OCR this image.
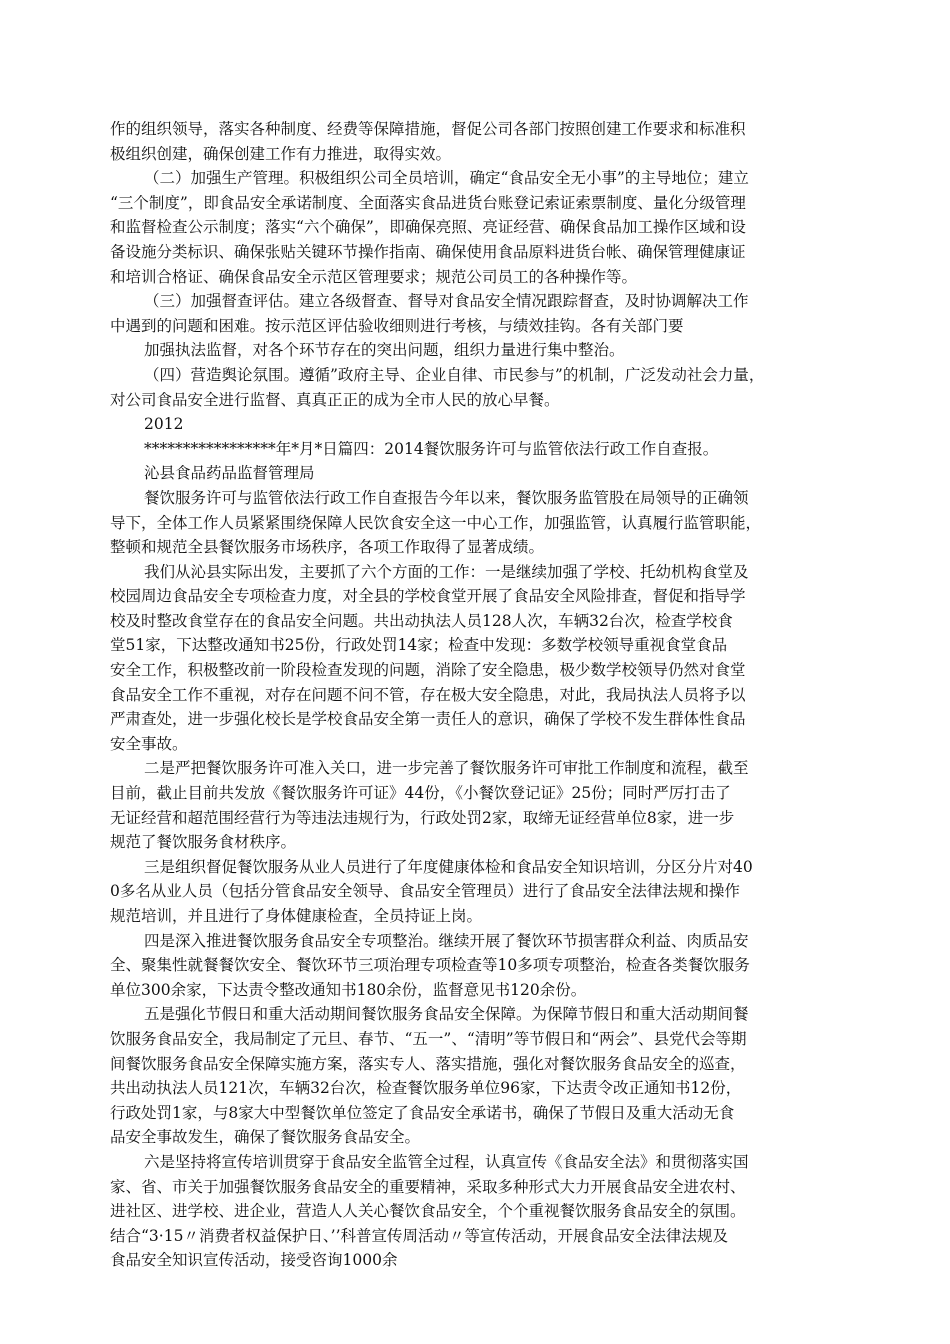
作的组织领导，落实各种制度、经费等保障措施，督促公司各部门按照创建工作要求和标准积
极组织创建，确保创建工作有力推进，取得实效。
（二）加强生产管理。积极组织公司全员培训，确定“食品安全无小事”的主导地位；建立
“三个制度”，即食品安全承诺制度、全面落实食品进货台账登记索证索票制度、量化分级管理
和监督检查公示制度；落实“六个确保”，即确保亮照、亮证经营、确保食品加工操作区域和设
备设施分类标识、确保张贴关键环节操作指南、确保使用食品原料进货台帐、确保管理健康证
和培训合格证、确保食品安全示范区管理要求；规范公司员工的各种操作等。
（三）加强督查评估。建立各级督查、督导对食品安全情况跟踪督查，及时协调解决工作
中遇到的问题和困难。按示范区评估验收细则进行考核，与绩效挂钩。各有关部门要
加强执法监督，对各个环节存在的突出问题，组织力量进行集中整治。
（四）营造舆论氛围。遵循”政府主导、企业自律、市民参与”的机制，广泛发动社会力量，
对公司食品安全进行监督、真真正正的成为全市人民的放心早餐。
2012
*****************年*月*日篇四：2014餐饮服务许可与监管依法行政工作自查报。
沁县食品药品监督管理局
餐饮服务许可与监管依法行政工作自查报告今年以来，餐饮服务监管股在局领导的正确领
导下，全体工作人员紧紧围绕保障人民饮食安全这一中心工作，加强监管，认真履行监管职能，
整顿和规范全县餐饮服务市场秩序，各项工作取得了显著成绩。
我们从沁县实际出发，主要抓了六个方面的工作：一是继续加强了学校、托幼机构食堂及
校园周边食品安全专项检查力度，对全县的学校食堂开展了食品安全风险排查，督促和指导学
校及时整改食堂存在的食品安全问题。共出动执法人员128人次，车辆32台次，检查学校食
堂51家，下达整改通知书25份，行政处罚14家；检查中发现：多数学校领导重视食堂食品
安全工作，积极整改前一阶段检查发现的问题，消除了安全隐患，极少数学校领导仍然对食堂
食品安全工作不重视，对存在问题不问不管，存在极大安全隐患，对此，我局执法人员将予以
严肃查处，进一步强化校长是学校食品安全第一责任人的意识，确保了学校不发生群体性食品
安全事故。
二是严把餐饮服务许可准入关口，进一步完善了餐饮服务许可审批工作制度和流程，截至
目前，截止目前共发放《餐饮服务许可证》44份，《小餐饮登记证》25份；同时严厉打击了
无证经营和超范围经营行为等违法违规行为，行政处罚2家，取缔无证经营单位8家，进一步
规范了餐饮服务食材秩序。
三是组织督促餐饮服务从业人员进行了年度健康体检和食品安全知识培训，分区分片对40
0多名从业人员（包括分管食品安全领导、食品安全管理员）进行了食品安全法律法规和操作
规范培训，并且进行了身体健康检查，全员持证上岗。
四是深入推进餐饮服务食品安全专项整治。继续开展了餐饮环节损害群众利益、肉质品安
全、聚集性就餐餐饮安全、餐饮环节三项治理专项检查等10多项专项整治，检查各类餐饮服务
单位300余家，下达责令整改通知书180余份，监督意见书120余份。
五是强化节假日和重大活动期间餐饮服务食品安全保障。为保障节假日和重大活动期间餐
饮服务食品安全，我局制定了元旦、春节、“五一”、“清明”等节假日和“两会”、县党代会等期
间餐饮服务食品安全保障实施方案，落实专人、落实措施，强化对餐饮服务食品安全的巡查，
共出动执法人员121次，车辆32台次，检查餐饮服务单位96家，下达责令改正通知书12份，
行政处罚1家，与8家大中型餐饮单位签定了食品安全承诺书，确保了节假日及重大活动无食
品安全事故发生，确保了餐饮服务食品安全。
六是坚持将宣传培训贯穿于食品安全监管全过程，认真宣传《食品安全法》和贯彻落实国
家、省、市关于加强餐饮服务食品安全的重要精神，采取多种形式大力开展食品安全进农村、
进社区、进学校、进企业，营造人人关心餐饮食品安全，个个重视餐饮服务食品安全的氛围。
结合“3·15〃消费者权益保护日、’’科普宣传周活动〃等宣传活动，开展食品安全法律法规及
食品安全知识宣传活动，接受咨询1000余
